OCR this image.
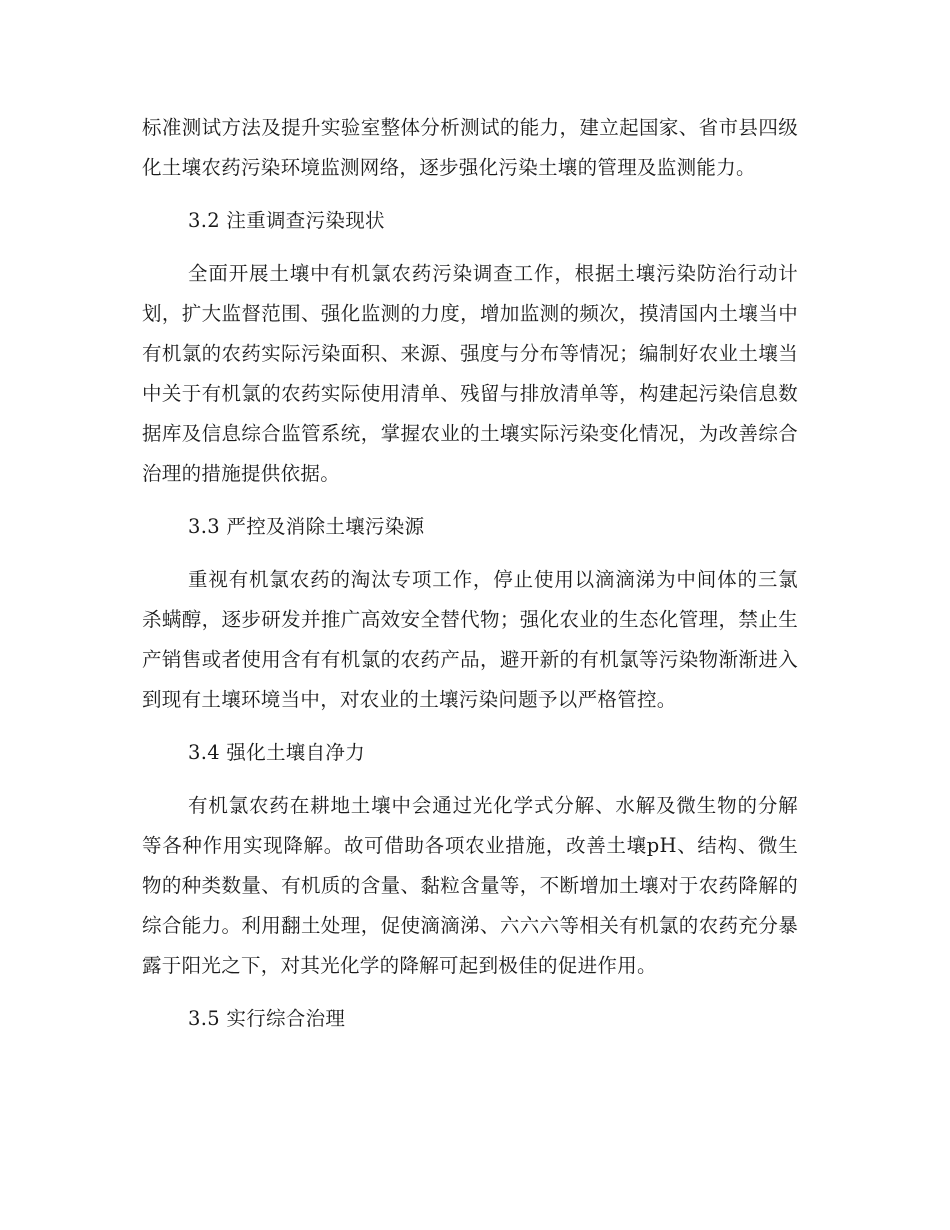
标准测试方法及提升实验室整体分析测试的能力，建立起国家、省市县四级化土壤农药污染环境监测网络，逐步强化污染土壤的管理及监测能力。

3.2 注重调查污染现状

全面开展土壤中有机氯农药污染调查工作，根据土壤污染防治行动计划，扩大监督范围、强化监测的力度，增加监测的频次，摸清国内土壤当中有机氯的农药实际污染面积、来源、强度与分布等情况；编制好农业土壤当中关于有机氯的农药实际使用清单、残留与排放清单等，构建起污染信息数据库及信息综合监管系统，掌握农业的土壤实际污染变化情况，为改善综合治理的措施提供依据。

3.3 严控及消除土壤污染源

重视有机氯农药的淘汰专项工作，停止使用以滴滴涕为中间体的三氯杀螨醇，逐步研发并推广高效安全替代物；强化农业的生态化管理，禁止生产销售或者使用含有有机氯的农药产品，避开新的有机氯等污染物渐渐进入到现有土壤环境当中，对农业的土壤污染问题予以严格管控。

3.4 强化土壤自净力

有机氯农药在耕地土壤中会通过光化学式分解、水解及微生物的分解等各种作用实现降解。故可借助各项农业措施，改善土壤pH、结构、微生物的种类数量、有机质的含量、黏粒含量等，不断增加土壤对于农药降解的综合能力。利用翻土处理，促使滴滴涕、六六六等相关有机氯的农药充分暴露于阳光之下，对其光化学的降解可起到极佳的促进作用。

3.5 实行综合治理
